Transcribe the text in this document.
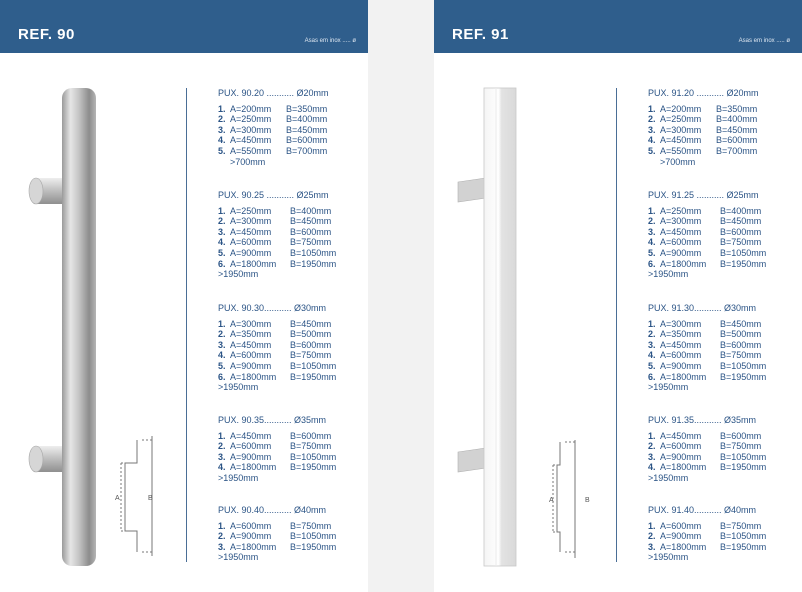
REF. 90	Asas em inox ..... ø
A	B
PUX. 90.20 ........... Ø20mm
1. A=200mm B=350mm
2. A=250mm B=400mm
3. A=300mm B=450mm
4. A=450mm B=600mm
5. A=550mm B=700mm
>700mm
PUX. 90.25 ........... Ø25mm
1. A=250mm B=400mm
2. A=300mm B=450mm
3. A=450mm B=600mm
4. A=600mm B=750mm
5. A=900mm B=1050mm
6. A=1800mm B=1950mm
>1950mm
PUX. 90.30........... Ø30mm
1. A=300mm B=450mm
2. A=350mm B=500mm
3. A=450mm B=600mm
4. A=600mm B=750mm
5. A=900mm B=1050mm
6. A=1800mm B=1950mm
>1950mm
PUX. 90.35........... Ø35mm
1. A=450mm B=600mm
2. A=600mm B=750mm
3. A=900mm B=1050mm
4. A=1800mm B=1950mm
>1950mm
PUX. 90.40........... Ø40mm
1. A=600mm B=750mm
2. A=900mm B=1050mm
3. A=1800mm B=1950mm
>1950mm
REF. 91	Asas em inox ..... ø
A	B
PUX. 91.20 ........... Ø20mm
1. A=200mm B=350mm
2. A=250mm B=400mm
3. A=300mm B=450mm
4. A=450mm B=600mm
5. A=550mm B=700mm
>700mm
PUX. 91.25 ........... Ø25mm
1. A=250mm B=400mm
2. A=300mm B=450mm
3. A=450mm B=600mm
4. A=600mm B=750mm
5. A=900mm B=1050mm
6. A=1800mm B=1950mm
>1950mm
PUX. 91.30........... Ø30mm
1. A=300mm B=450mm
2. A=350mm B=500mm
3. A=450mm B=600mm
4. A=600mm B=750mm
5. A=900mm B=1050mm
6. A=1800mm B=1950mm
>1950mm
PUX. 91.35........... Ø35mm
1. A=450mm B=600mm
2. A=600mm B=750mm
3. A=900mm B=1050mm
4. A=1800mm B=1950mm
>1950mm
PUX. 91.40........... Ø40mm
1. A=600mm B=750mm
2. A=900mm B=1050mm
3. A=1800mm B=1950mm
>1950mm
